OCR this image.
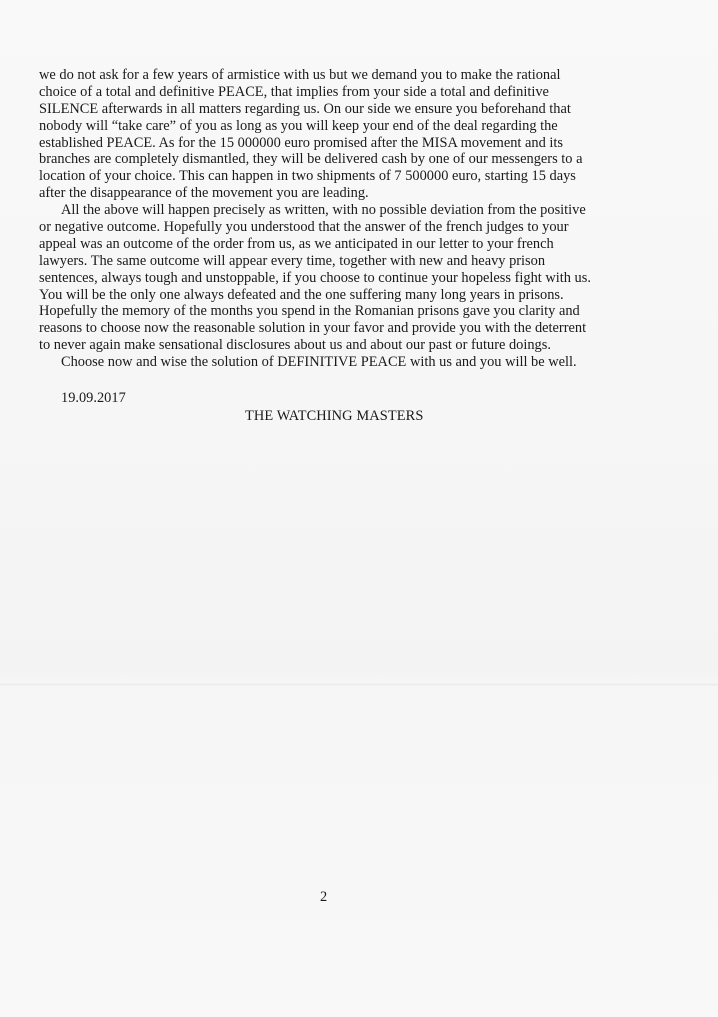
we do not ask for a few years of armistice with us but we demand you to make the rational
choice of a total and definitive PEACE, that implies from your side a total and definitive
SILENCE afterwards in all matters regarding us. On our side we ensure you beforehand that
nobody will “take care” of you as long as you will keep your end of the deal regarding the
established PEACE. As for the 15 000000 euro promised after the MISA movement and its
branches are completely dismantled, they will be delivered cash by one of our messengers to a
location of your choice. This can happen in two shipments of 7 500000 euro, starting 15 days
after the disappearance of the movement you are leading.
All the above will happen precisely as written, with no possible deviation from the positive
or negative outcome. Hopefully you understood that the answer of the french judges to your
appeal was an outcome of the order from us, as we anticipated in our letter to your french
lawyers. The same outcome will appear every time, together with new and heavy prison
sentences, always tough and unstoppable, if you choose to continue your hopeless fight with us.
You will be the only one always defeated and the one suffering many long years in prisons.
Hopefully the memory of the months you spend in the Romanian prisons gave you clarity and
reasons to choose now the reasonable solution in your favor and provide you with the deterrent
to never again make sensational disclosures about us and about our past or future doings.
Choose now and wise the solution of DEFINITIVE PEACE with us and you will be well.
19.09.2017
THE WATCHING MASTERS
2
